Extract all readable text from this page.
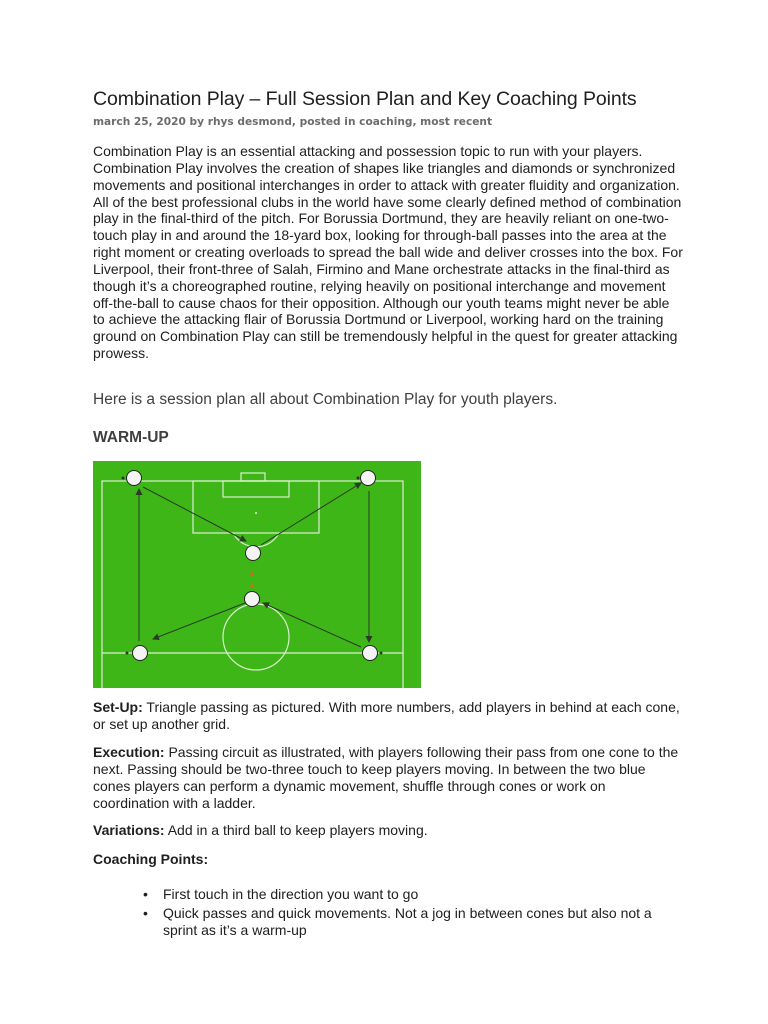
Combination Play – Full Session Plan and Key Coaching Points
march 25, 2020 by rhys desmond, posted in coaching, most recent

Combination Play is an essential attacking and possession topic to run with your players. Combination Play involves the creation of shapes like triangles and diamonds or synchronized movements and positional interchanges in order to attack with greater fluidity and organization. All of the best professional clubs in the world have some clearly defined method of combination play in the final-third of the pitch. For Borussia Dortmund, they are heavily reliant on one-two-touch play in and around the 18-yard box, looking for through-ball passes into the area at the right moment or creating overloads to spread the ball wide and deliver crosses into the box. For Liverpool, their front-three of Salah, Firmino and Mane orchestrate attacks in the final-third as though it’s a choreographed routine, relying heavily on positional interchange and movement off-the-ball to cause chaos for their opposition. Although our youth teams might never be able to achieve the attacking flair of Borussia Dortmund or Liverpool, working hard on the training ground on Combination Play can still be tremendously helpful in the quest for greater attacking prowess.

Here is a session plan all about Combination Play for youth players.

WARM-UP

Set-Up: Triangle passing as pictured. With more numbers, add players in behind at each cone, or set up another grid.

Execution: Passing circuit as illustrated, with players following their pass from one cone to the next. Passing should be two-three touch to keep players moving. In between the two blue cones players can perform a dynamic movement, shuffle through cones or work on coordination with a ladder.

Variations: Add in a third ball to keep players moving.

Coaching Points:
• First touch in the direction you want to go
• Quick passes and quick movements. Not a jog in between cones but also not a sprint as it’s a warm-up
